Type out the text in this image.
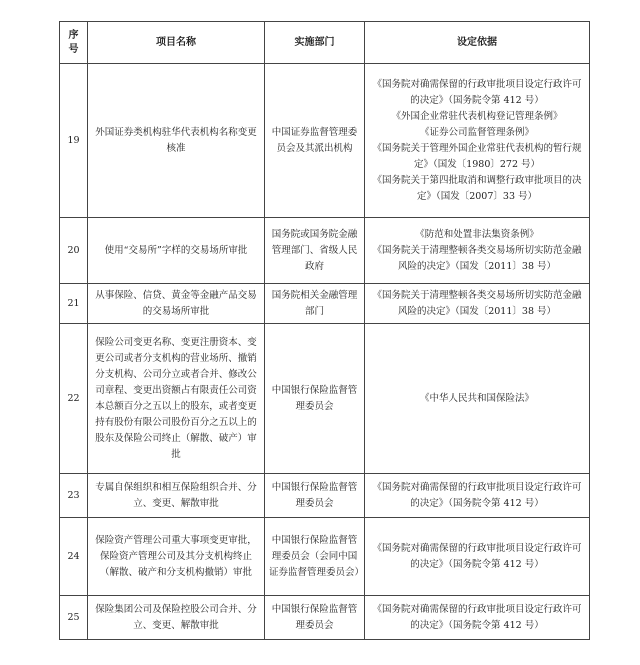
序号	项目名称	实施部门	设定依据
19	外国证券类机构驻华代表机构名称变更核准	中国证券监督管理委员会及其派出机构	《国务院对确需保留的行政审批项目设定行政许可的决定》（国务院令第 412 号）
《外国企业常驻代表机构登记管理条例》
《证券公司监督管理条例》
《国务院关于管理外国企业常驻代表机构的暂行规定》（国发〔1980〕272 号）
《国务院关于第四批取消和调整行政审批项目的决定》（国发〔2007〕33 号）

20	使用“交易所”字样的交易场所审批	国务院或国务院金融管理部门、省级人民政府	《防范和处置非法集资条例》
《国务院关于清理整顿各类交易场所切实防范金融风险的决定》（国发〔2011〕38 号）

21	从事保险、信贷、黄金等金融产品交易的交易场所审批	国务院相关金融管理部门	《国务院关于清理整顿各类交易场所切实防范金融风险的决定》（国发〔2011〕38 号）

22	保险公司变更名称、变更注册资本、变更公司或者分支机构的营业场所、撤销分支机构、公司分立或者合并、修改公司章程、变更出资额占有限责任公司资本总额百分之五以上的股东，或者变更持有股份有限公司股份百分之五以上的股东及保险公司终止（解散、破产）审批	中国银行保险监督管理委员会	《中华人民共和国保险法》

23	专属自保组织和相互保险组织合并、分立、变更、解散审批	中国银行保险监督管理委员会	《国务院对确需保留的行政审批项目设定行政许可的决定》（国务院令第 412 号）

24	保险资产管理公司重大事项变更审批，保险资产管理公司及其分支机构终止（解散、破产和分支机构撤销）审批	中国银行保险监督管理委员会（会同中国证券监督管理委员会）	《国务院对确需保留的行政审批项目设定行政许可的决定》（国务院令第 412 号）

25	保险集团公司及保险控股公司合并、分立、变更、解散审批	中国银行保险监督管理委员会	《国务院对确需保留的行政审批项目设定行政许可的决定》（国务院令第 412 号）
